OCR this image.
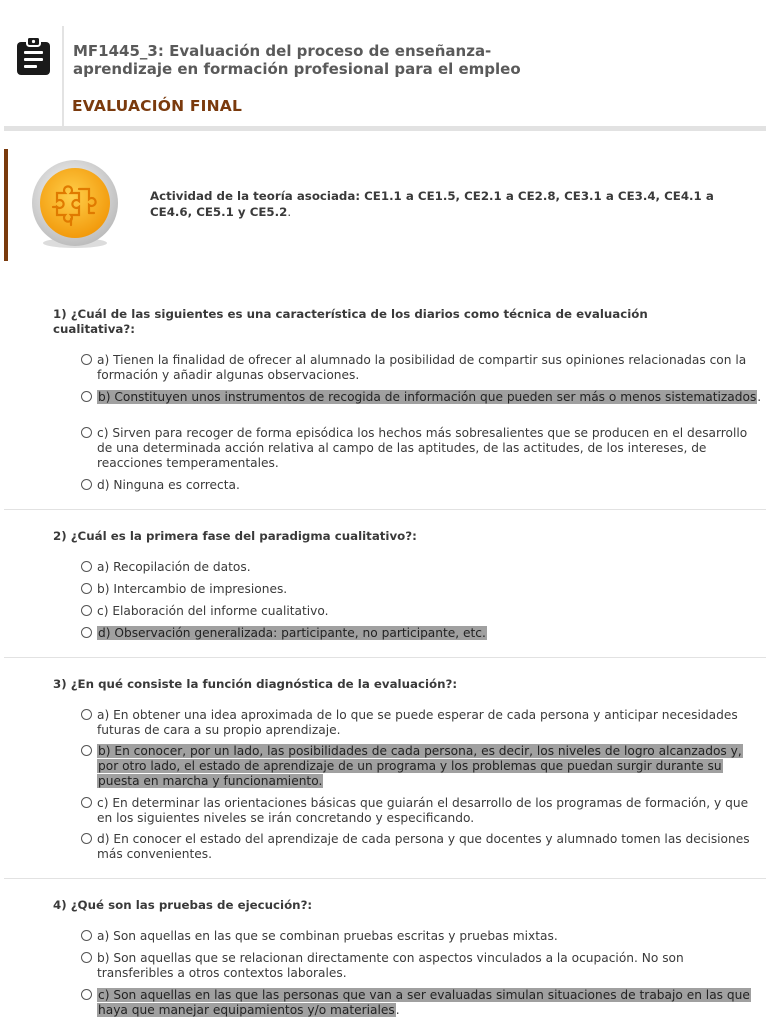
MF1445_3: Evaluación del proceso de enseñanza-aprendizaje en formación profesional para el empleo
EVALUACIÓN FINAL
Actividad de la teoría asociada: CE1.1 a CE1.5, CE2.1 a CE2.8, CE3.1 a CE3.4, CE4.1 a CE4.6, CE5.1 y CE5.2.
1) ¿Cuál de las siguientes es una característica de los diarios como técnica de evaluación cualitativa?:
a) Tienen la finalidad de ofrecer al alumnado la posibilidad de compartir sus opiniones relacionadas con la formación y añadir algunas observaciones.
b) Constituyen unos instrumentos de recogida de información que pueden ser más o menos sistematizados.
c) Sirven para recoger de forma episódica los hechos más sobresalientes que se producen en el desarrollo de una determinada acción relativa al campo de las aptitudes, de las actitudes, de los intereses, de reacciones temperamentales.
d) Ninguna es correcta.
2) ¿Cuál es la primera fase del paradigma cualitativo?:
a) Recopilación de datos.
b) Intercambio de impresiones.
c) Elaboración del informe cualitativo.
d) Observación generalizada: participante, no participante, etc.
3) ¿En qué consiste la función diagnóstica de la evaluación?:
a) En obtener una idea aproximada de lo que se puede esperar de cada persona y anticipar necesidades futuras de cara a su propio aprendizaje.
b) En conocer, por un lado, las posibilidades de cada persona, es decir, los niveles de logro alcanzados y, por otro lado, el estado de aprendizaje de un programa y los problemas que puedan surgir durante su puesta en marcha y funcionamiento.
c) En determinar las orientaciones básicas que guiarán el desarrollo de los programas de formación, y que en los siguientes niveles se irán concretando y especificando.
d) En conocer el estado del aprendizaje de cada persona y que docentes y alumnado tomen las decisiones más convenientes.
4) ¿Qué son las pruebas de ejecución?:
a) Son aquellas en las que se combinan pruebas escritas y pruebas mixtas.
b) Son aquellas que se relacionan directamente con aspectos vinculados a la ocupación. No son transferibles a otros contextos laborales.
c) Son aquellas en las que las personas que van a ser evaluadas simulan situaciones de trabajo en las que haya que manejar equipamientos y/o materiales.
